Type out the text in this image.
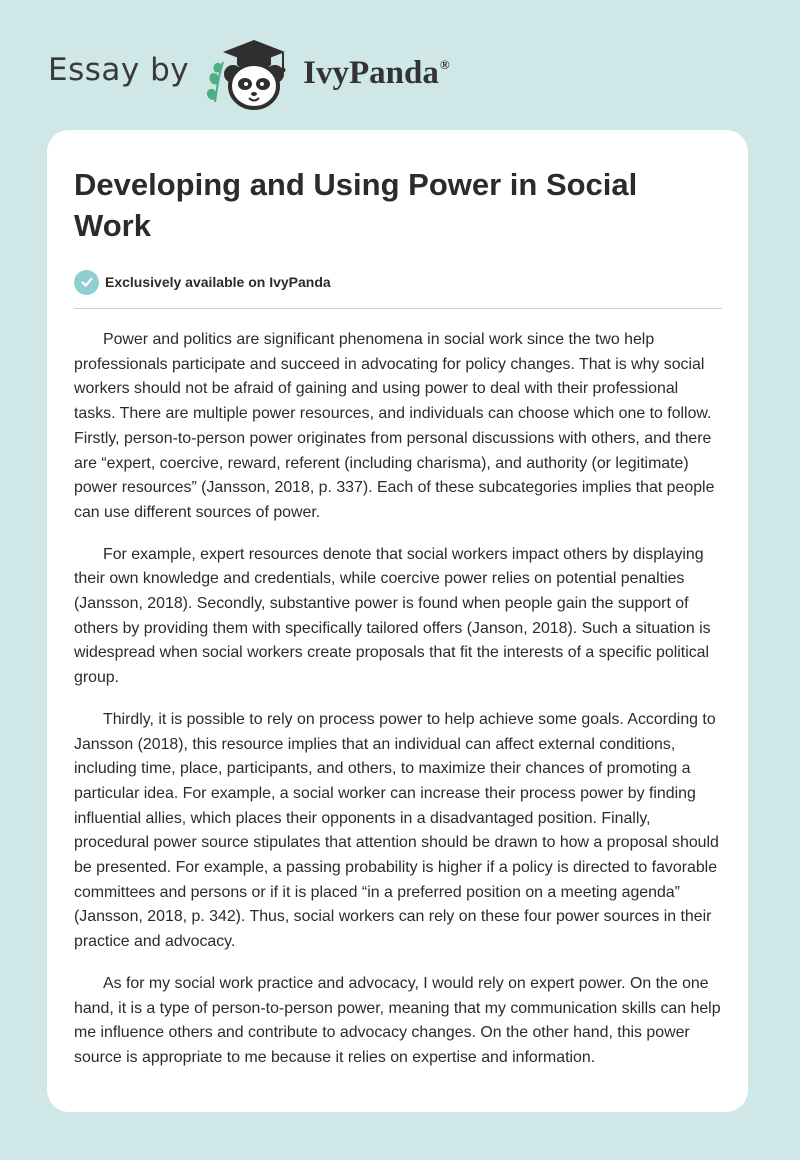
Essay by	IvyPanda®
Developing and Using Power in Social Work
Exclusively available on IvyPanda

Power and politics are significant phenomena in social work since the two help professionals participate and succeed in advocating for policy changes. That is why social workers should not be afraid of gaining and using power to deal with their professional tasks. There are multiple power resources, and individuals can choose which one to follow. Firstly, person-to-person power originates from personal discussions with others, and there are “expert, coercive, reward, referent (including charisma), and authority (or legitimate) power resources” (Jansson, 2018, p. 337). Each of these subcategories implies that people can use different sources of power.

For example, expert resources denote that social workers impact others by displaying their own knowledge and credentials, while coercive power relies on potential penalties (Jansson, 2018). Secondly, substantive power is found when people gain the support of others by providing them with specifically tailored offers (Janson, 2018). Such a situation is widespread when social workers create proposals that fit the interests of a specific political group.

Thirdly, it is possible to rely on process power to help achieve some goals. According to Jansson (2018), this resource implies that an individual can affect external conditions, including time, place, participants, and others, to maximize their chances of promoting a particular idea. For example, a social worker can increase their process power by finding influential allies, which places their opponents in a disadvantaged position. Finally, procedural power source stipulates that attention should be drawn to how a proposal should be presented. For example, a passing probability is higher if a policy is directed to favorable committees and persons or if it is placed “in a preferred position on a meeting agenda” (Jansson, 2018, p. 342). Thus, social workers can rely on these four power sources in their practice and advocacy.

As for my social work practice and advocacy, I would rely on expert power. On the one hand, it is a type of person-to-person power, meaning that my communication skills can help me influence others and contribute to advocacy changes. On the other hand, this power source is appropriate to me because it relies on expertise and information.
